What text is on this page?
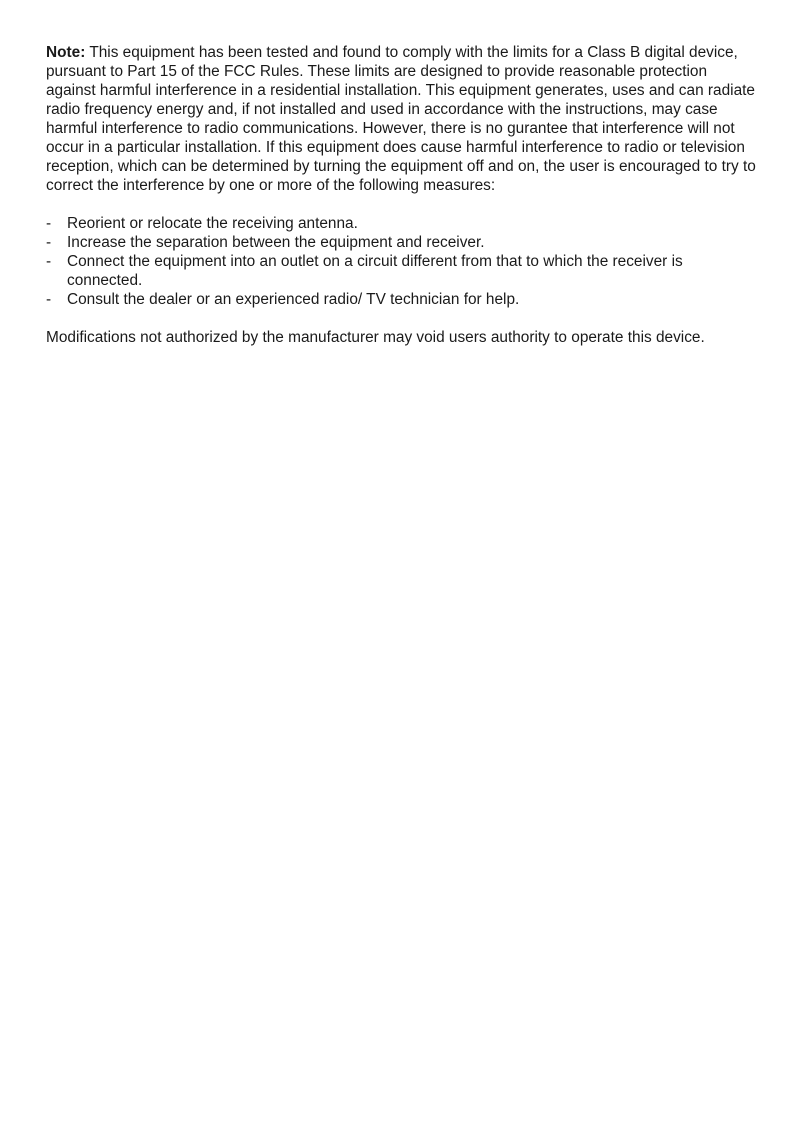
Note: This equipment has been tested and found to comply with the limits for a Class B digital device, pursuant to Part 15 of the FCC Rules. These limits are designed to provide reasonable protection against harmful interference in a residential installation. This equipment generates, uses and can radiate radio frequency energy and, if not installed and used in accordance with the instructions, may case harmful interference to radio communications. However, there is no gurantee that interference will not occur in a particular installation. If this equipment does cause harmful interference to radio or television reception, which can be determined by turning the equipment off and on, the user is encouraged to try to correct the interference by one or more of the following measures:

- Reorient or relocate the receiving antenna.
- Increase the separation between the equipment and receiver.
- Connect the equipment into an outlet on a circuit different from that to which the receiver is connected.
- Consult the dealer or an experienced radio/ TV technician for help.

Modifications not authorized by the manufacturer may void users authority to operate this device.
